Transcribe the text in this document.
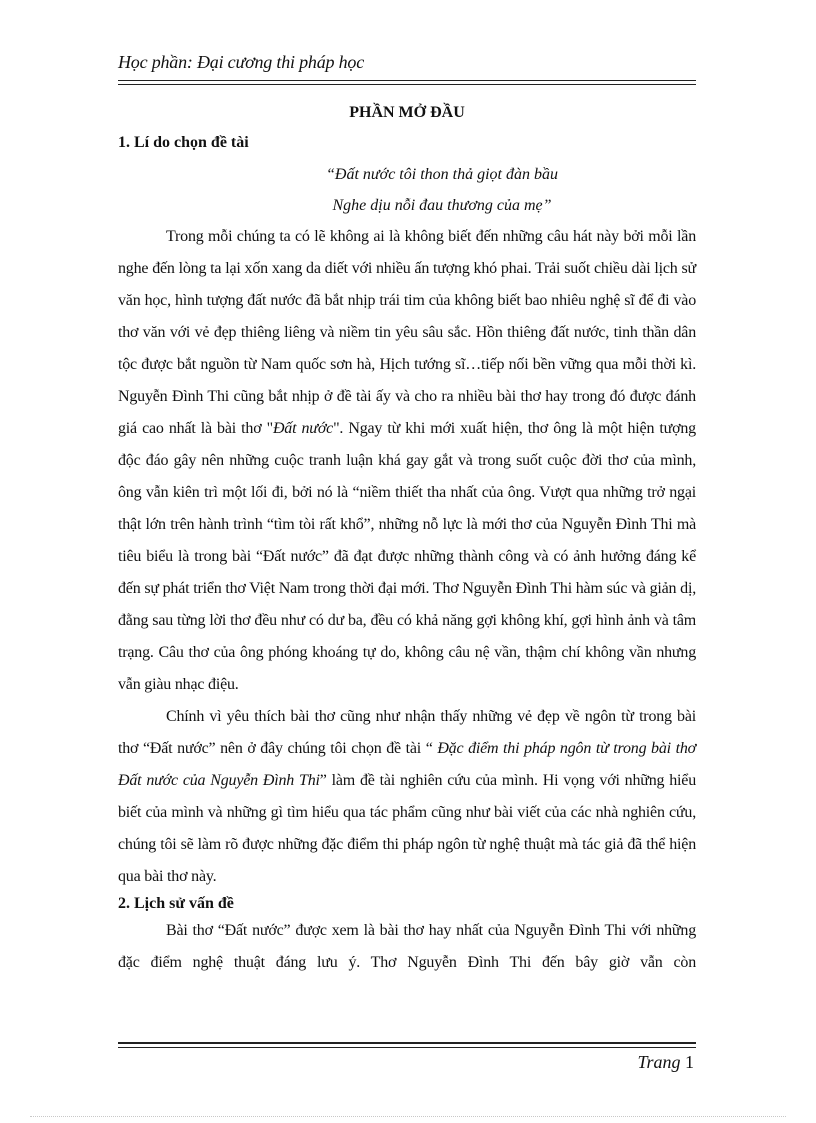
Học phần: Đại cương thi pháp học
PHẦN MỞ ĐẦU
1. Lí do chọn đề tài
“Đất nước tôi thon thả giọt đàn bầu
Nghe dịu nỗi đau thương của mẹ”

Trong mỗi chúng ta có lẽ không ai là không biết đến những câu hát này bởi mỗi lần nghe đến lòng ta lại xốn xang da diết với nhiều ấn tượng khó phai. Trải suốt chiều dài lịch sử văn học, hình tượng đất nước đã bắt nhịp trái tim của không biết bao nhiêu nghệ sĩ để đi vào thơ văn với vẻ đẹp thiêng liêng và niềm tin yêu sâu sắc. Hồn thiêng đất nước, tinh thần dân tộc được bắt nguồn từ Nam quốc sơn hà, Hịch tướng sĩ…tiếp nối bền vững qua mỗi thời kì. Nguyễn Đình Thi cũng bắt nhịp ở đề tài ấy và cho ra nhiều bài thơ hay trong đó được đánh giá cao nhất là bài thơ "Đất nước". Ngay từ khi mới xuất hiện, thơ ông là một hiện tượng độc đáo gây nên những cuộc tranh luận khá gay gắt và trong suốt cuộc đời thơ của mình, ông vẫn kiên trì một lối đi, bởi nó là “niềm thiết tha nhất của ông. Vượt qua những trở ngại thật lớn trên hành trình “tìm tòi rất khổ”, những nỗ lực là mới thơ của Nguyễn Đình Thi mà tiêu biểu là trong bài “Đất nước” đã đạt được những thành công và có ảnh hưởng đáng kể đến sự phát triển thơ Việt Nam trong thời đại mới. Thơ Nguyễn Đình Thi hàm súc và giản dị, đằng sau từng lời thơ đều như có dư ba, đều có khả năng gợi không khí, gợi hình ảnh và tâm trạng. Câu thơ của ông phóng khoáng tự do, không câu nệ vần, thậm chí không vần nhưng vẫn giàu nhạc điệu.

Chính vì yêu thích bài thơ cũng như nhận thấy những vẻ đẹp về ngôn từ trong bài thơ “Đất nước” nên ở đây chúng tôi chọn đề tài “ Đặc điểm thi pháp ngôn từ trong bài thơ Đất nước của Nguyễn Đình Thi” làm đề tài nghiên cứu của mình. Hi vọng với những hiểu biết của mình và những gì tìm hiểu qua tác phẩm cũng như bài viết của các nhà nghiên cứu, chúng tôi sẽ làm rõ được những đặc điểm thi pháp ngôn từ nghệ thuật mà tác giả đã thể hiện qua bài thơ này.

2. Lịch sử vấn đề

Bài thơ “Đất nước” được xem là bài thơ hay nhất của Nguyễn Đình Thi với những đặc điểm nghệ thuật đáng lưu ý. Thơ Nguyễn Đình Thi đến bây giờ vẫn còn

Trang 1
